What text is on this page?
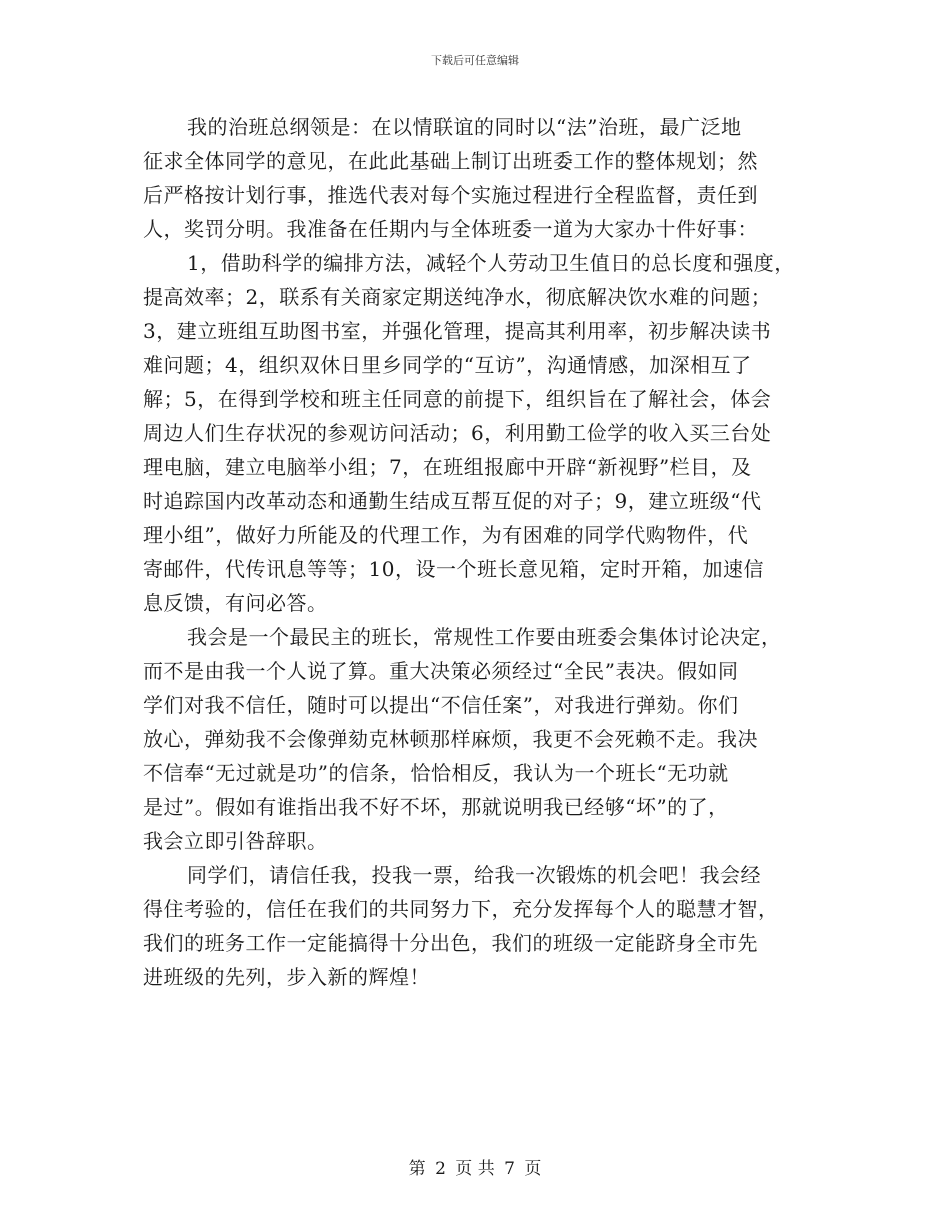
下载后可任意编辑
我的治班总纲领是：在以情联谊的同时以“法”治班，最广泛地
征求全体同学的意见，在此此基础上制订出班委工作的整体规划；然
后严格按计划行事，推选代表对每个实施过程进行全程监督，责任到
人，奖罚分明。我准备在任期内与全体班委一道为大家办十件好事：
1，借助科学的编排方法，减轻个人劳动卫生值日的总长度和强度，
提高效率；2，联系有关商家定期送纯净水，彻底解决饮水难的问题；
3，建立班组互助图书室，并强化管理，提高其利用率，初步解决读书
难问题；4，组织双休日里乡同学的“互访”，沟通情感，加深相互了
解；5，在得到学校和班主任同意的前提下，组织旨在了解社会，体会
周边人们生存状况的参观访问活动；6，利用勤工俭学的收入买三台处
理电脑，建立电脑举小组；7，在班组报廊中开辟“新视野”栏目，及
时追踪国内改革动态和通勤生结成互帮互促的对子；9，建立班级“代
理小组”，做好力所能及的代理工作，为有困难的同学代购物件，代
寄邮件，代传讯息等等；10，设一个班长意见箱，定时开箱，加速信
息反馈，有问必答。
我会是一个最民主的班长，常规性工作要由班委会集体讨论决定，
而不是由我一个人说了算。重大决策必须经过“全民”表决。假如同
学们对我不信任，随时可以提出“不信任案”，对我进行弹劾。你们
放心，弹劾我不会像弹劾克林顿那样麻烦，我更不会死赖不走。我决
不信奉“无过就是功”的信条，恰恰相反，我认为一个班长“无功就
是过”。假如有谁指出我不好不坏，那就说明我已经够“坏”的了，
我会立即引咎辞职。
同学们，请信任我，投我一票，给我一次锻炼的机会吧！我会经
得住考验的，信任在我们的共同努力下，充分发挥每个人的聪慧才智，
我们的班务工作一定能搞得十分出色，我们的班级一定能跻身全市先
进班级的先列，步入新的辉煌！
第 2 页 共 7 页
